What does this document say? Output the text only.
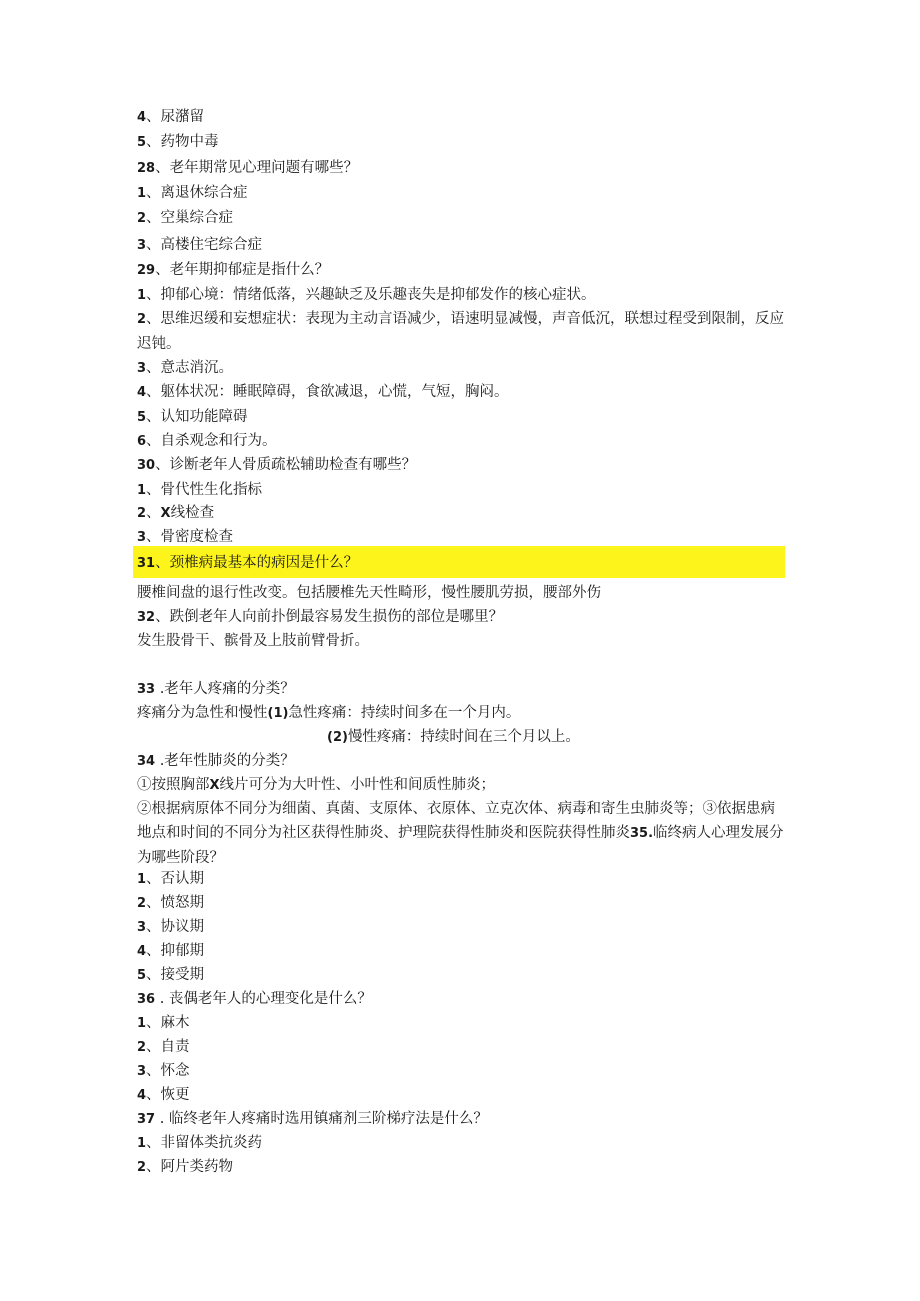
4、尿潴留
5、药物中毒
28、老年期常见心理问题有哪些？
1、离退休综合症
2、空巢综合症
3、高楼住宅综合症
29、老年期抑郁症是指什么？
1、抑郁心境：情绪低落，兴趣缺乏及乐趣丧失是抑郁发作的核心症状。
2、思维迟缓和妄想症状：表现为主动言语减少，语速明显减慢，声音低沉，联想过程受到限制，反应迟钝。
3、意志消沉。
4、躯体状况：睡眠障碍，食欲减退，心慌，气短，胸闷。
5、认知功能障碍
6、自杀观念和行为。
30、诊断老年人骨质疏松辅助检查有哪些？
1、骨代性生化指标
2、X线检查
3、骨密度检查
31、颈椎病最基本的病因是什么？
腰椎间盘的退行性改变。包括腰椎先天性畸形，慢性腰肌劳损，腰部外伤
32、跌倒老年人向前扑倒最容易发生损伤的部位是哪里？
发生股骨干、髌骨及上肢前臂骨折。
33 .老年人疼痛的分类？
疼痛分为急性和慢性(1)急性疼痛：持续时间多在一个月内。
(2)慢性疼痛：持续时间在三个月以上。
34 .老年性肺炎的分类？
①按照胸部X线片可分为大叶性、小叶性和间质性肺炎；
②根据病原体不同分为细菌、真菌、支原体、衣原体、立克次体、病毒和寄生虫肺炎等；③依据患病地点和时间的不同分为社区获得性肺炎、护理院获得性肺炎和医院获得性肺炎35.临终病人心理发展分为哪些阶段？
1、否认期
2、愤怒期
3、协议期
4、抑郁期
5、接受期
36 . 丧偶老年人的心理变化是什么？
1、麻木
2、自责
3、怀念
4、恢更
37 . 临终老年人疼痛时选用镇痛剂三阶梯疗法是什么？
1、非留体类抗炎药
2、阿片类药物
